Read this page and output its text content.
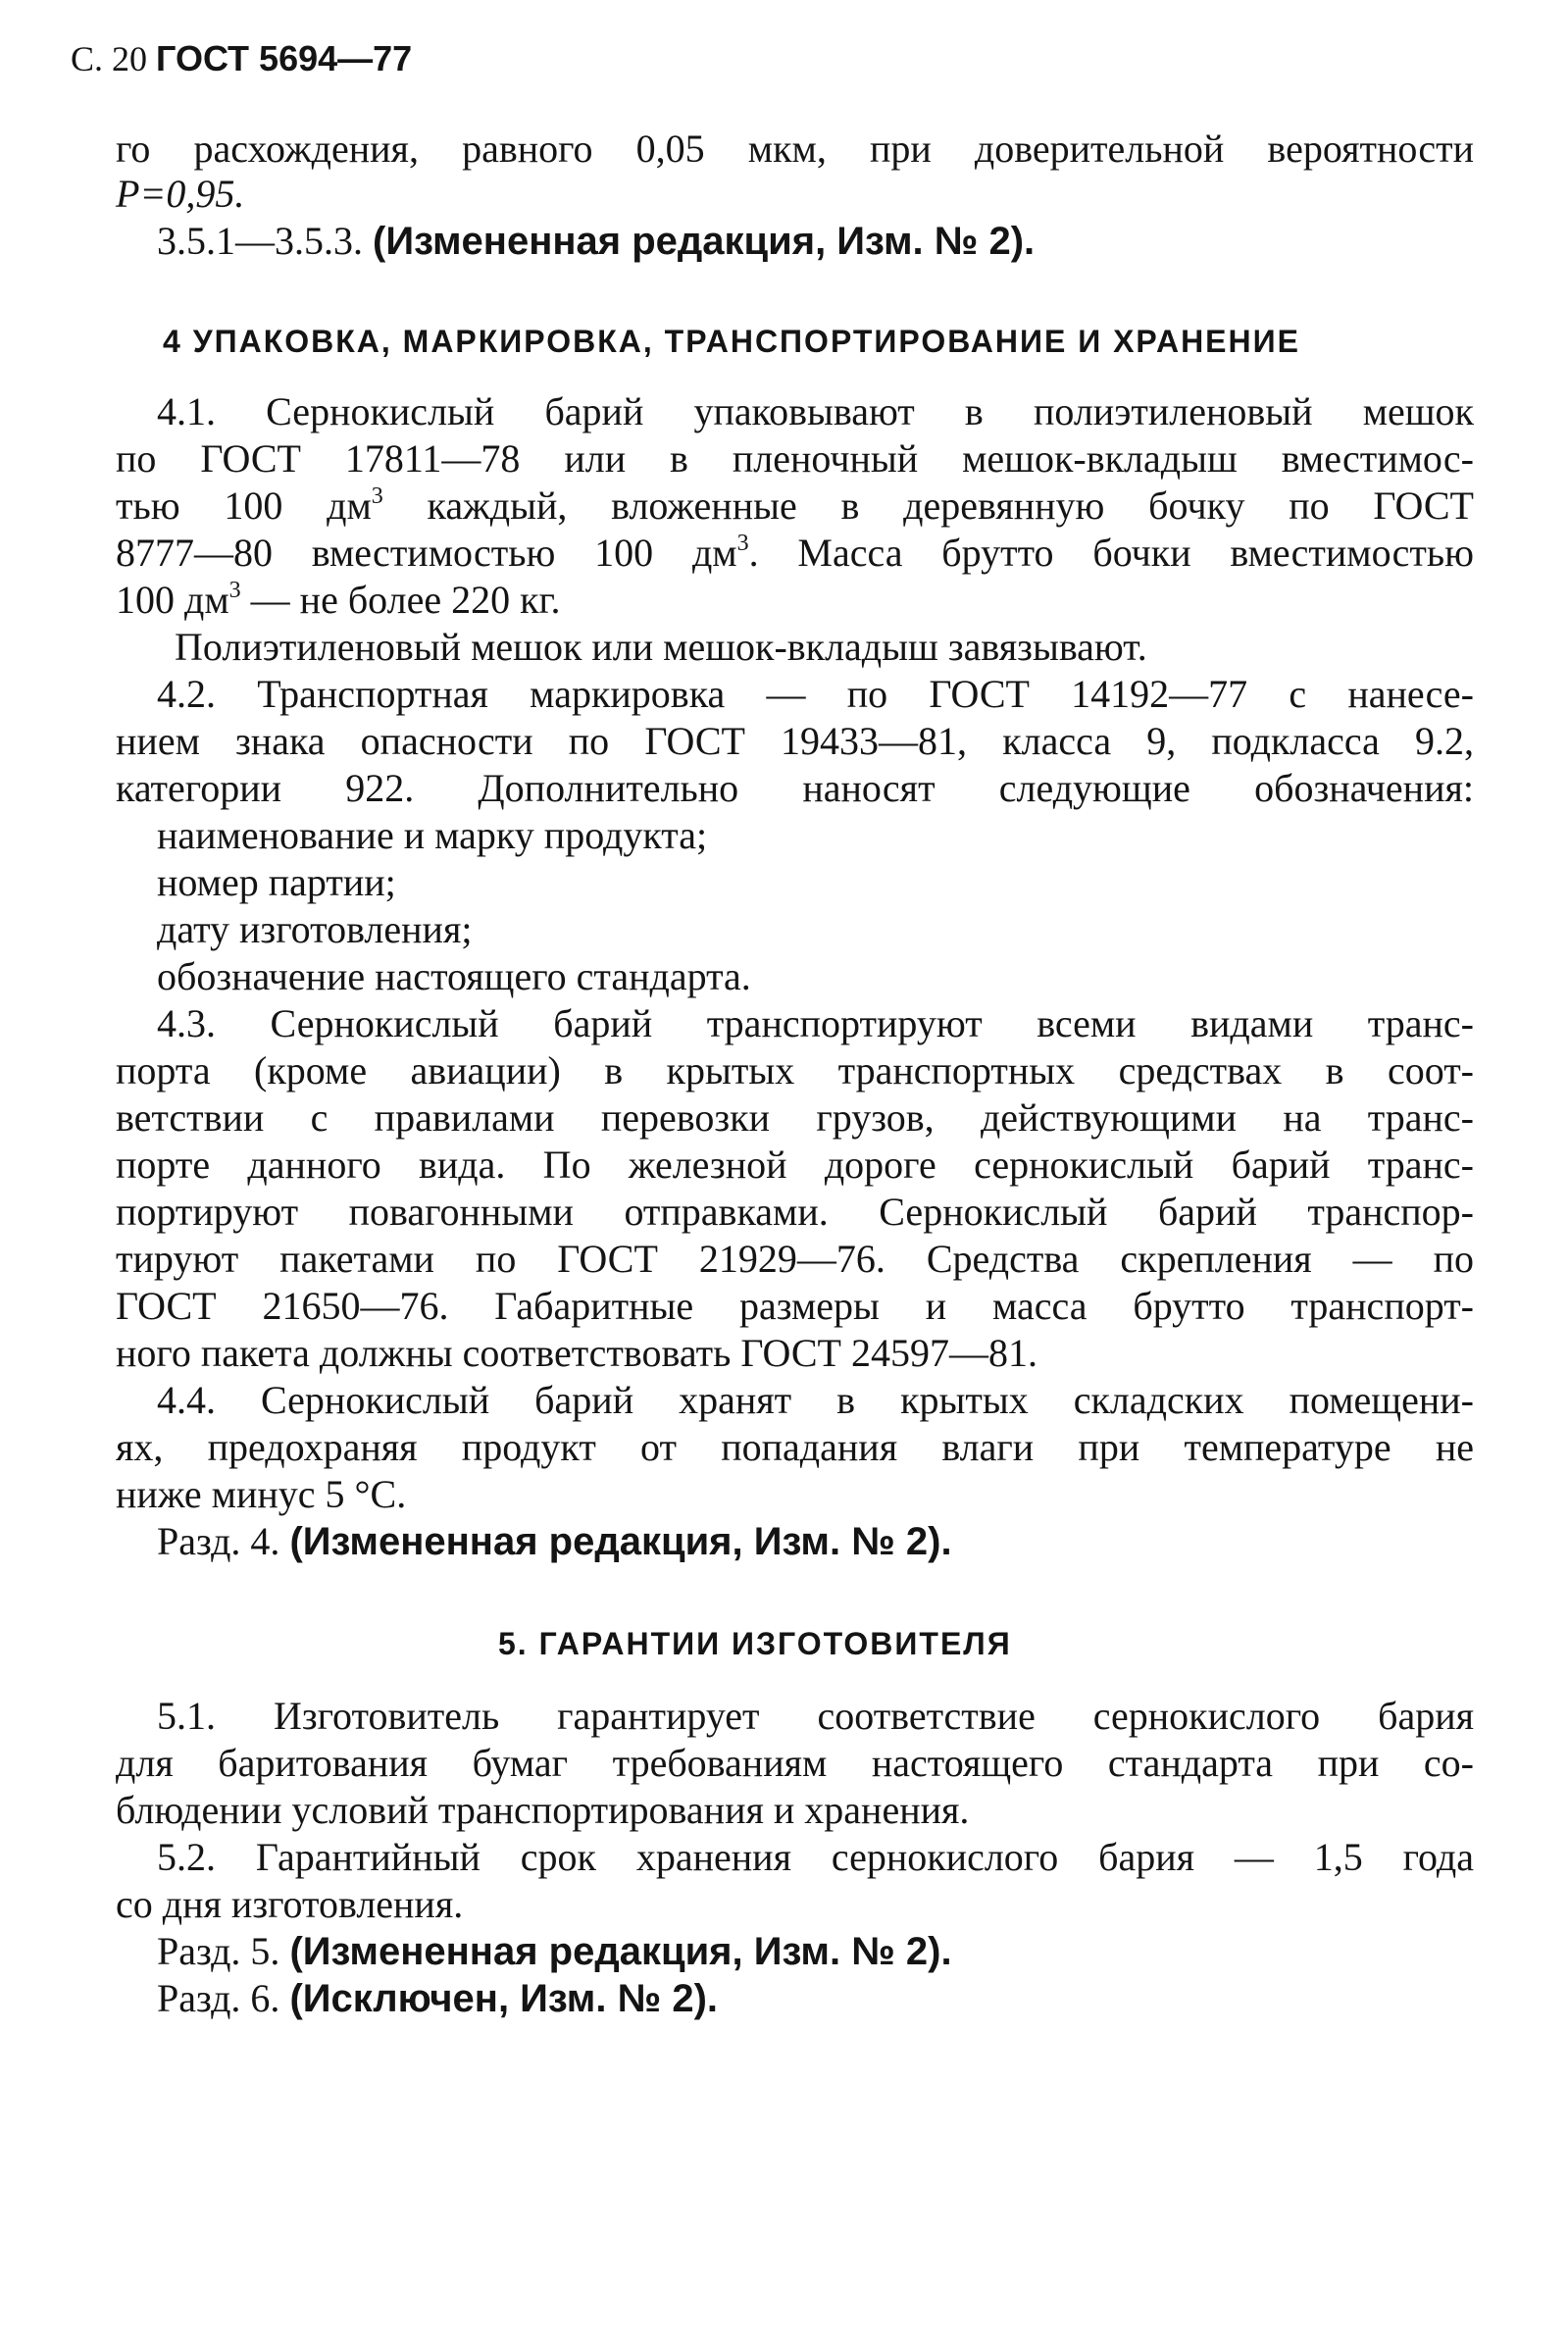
С. 20 ГОСТ 5694—77
го расхождения, равного 0,05 мкм, при доверительной вероятности
P=0,95.
3.5.1—3.5.3. (Измененная редакция, Изм. № 2).
4 УПАКОВКА, МАРКИРОВКА, ТРАНСПОРТИРОВАНИЕ И ХРАНЕНИЕ
4.1. Сернокислый барий упаковывают в полиэтиленовый мешок
по ГОСТ 17811—78 или в пленочный мешок-вкладыш вместимос-
тью 100 $дм^3$ каждый, вложенные в деревянную бочку по ГОСТ
8777—80 вместимостью 100 $дм^3$. Масса брутто бочки вместимостью
100 $дм^3$ — не более 220 кг.
Полиэтиленовый мешок или мешок-вкладыш завязывают.
4.2. Транспортная маркировка — по ГОСТ 14192—77 с нанесе-
нием знака опасности по ГОСТ 19433—81, класса 9, подкласса 9.2,
категории 922. Дополнительно наносят следующие обозначения:
наименование и марку продукта;
номер партии;
дату изготовления;
обозначение настоящего стандарта.
4.3. Сернокислый барий транспортируют всеми видами транс-
порта (кроме авиации) в крытых транспортных средствах в соот-
ветствии с правилами перевозки грузов, действующими на транс-
порте данного вида. По железной дороге сернокислый барий транс-
портируют повагонными отправками. Сернокислый барий транспор-
тируют пакетами по ГОСТ 21929—76. Средства скрепления — по
ГОСТ 21650—76. Габаритные размеры и масса брутто транспорт-
ного пакета должны соответствовать ГОСТ 24597—81.
4.4. Сернокислый барий хранят в крытых складских помещени-
ях, предохраняя продукт от попадания влаги при температуре не
ниже минус 5 °С.
Разд. 4. (Измененная редакция, Изм. № 2).
5. ГАРАНТИИ ИЗГОТОВИТЕЛЯ
5.1. Изготовитель гарантирует соответствие сернокислого бария
для баритования бумаг требованиям настоящего стандарта при со-
блюдении условий транспортирования и хранения.
5.2. Гарантийный срок хранения сернокислого бария — 1,5 года
со дня изготовления.
Разд. 5. (Измененная редакция, Изм. № 2).
Разд. 6. (Исключен, Изм. № 2).
